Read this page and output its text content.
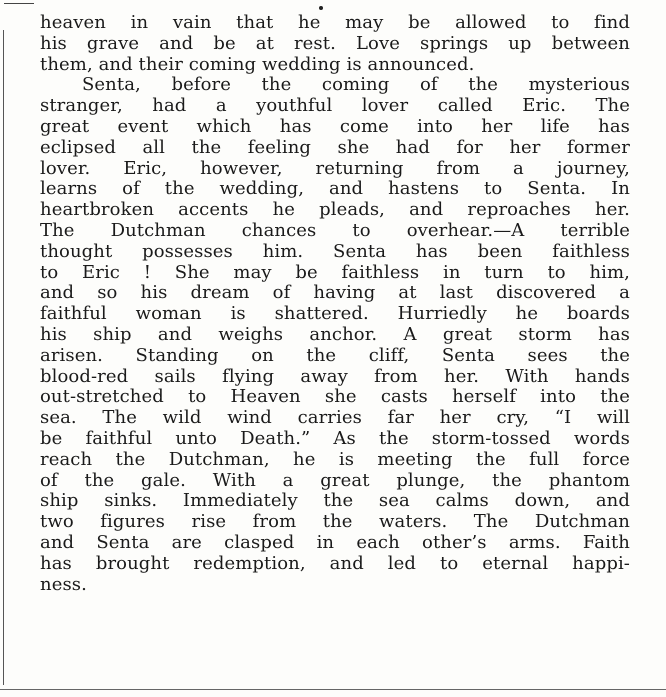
heaven in vain that he may be allowed to find
his grave and be at rest. Love springs up between
them, and their coming wedding is announced.
Senta, before the coming of the mysterious
stranger, had a youthful lover called Eric. The
great event which has come into her life has
eclipsed all the feeling she had for her former
lover. Eric, however, returning from a journey,
learns of the wedding, and hastens to Senta. In
heartbroken accents he pleads, and reproaches her.
The Dutchman chances to overhear.—A terrible
thought possesses him. Senta has been faithless
to Eric ! She may be faithless in turn to him,
and so his dream of having at last discovered a
faithful woman is shattered. Hurriedly he boards
his ship and weighs anchor. A great storm has
arisen. Standing on the cliff, Senta sees the
blood-red sails flying away from her. With hands
out-stretched to Heaven she casts herself into the
sea. The wild wind carries far her cry, “I will
be faithful unto Death.” As the storm-tossed words
reach the Dutchman, he is meeting the full force
of the gale. With a great plunge, the phantom
ship sinks. Immediately the sea calms down, and
two figures rise from the waters. The Dutchman
and Senta are clasped in each other’s arms. Faith
has brought redemption, and led to eternal happi-
ness.
